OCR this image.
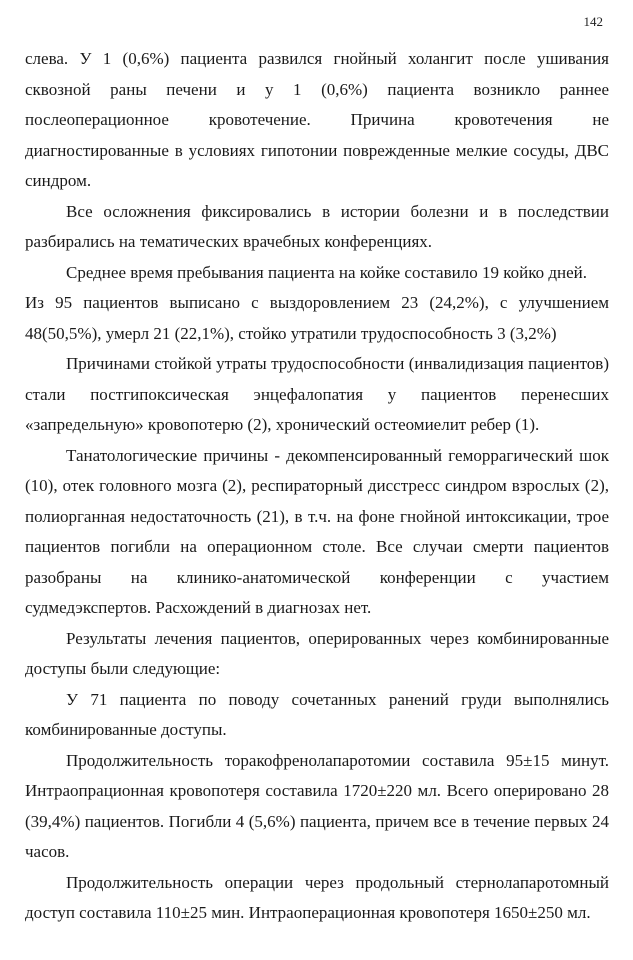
142

слева. У 1 (0,6%) пациента развился гнойный холангит после ушивания сквозной раны печени и у 1 (0,6%) пациента возникло раннее послеоперационное кровотечение. Причина кровотечения не диагностированные в условиях гипотонии поврежденные мелкие сосуды, ДВС синдром.

Все осложнения фиксировались в истории болезни и в последствии разбирались на тематических врачебных конференциях.

Среднее время пребывания пациента на койке составило 19 койко дней.

Из 95 пациентов выписано с выздоровлением 23 (24,2%), с улучшением 48(50,5%), умерл 21 (22,1%), стойко утратили трудоспособность 3 (3,2%)

Причинами стойкой утраты трудоспособности (инвалидизация пациентов) стали постгипоксическая энцефалопатия у пациентов перенесших «запредельную» кровопотерю (2), хронический остеомиелит ребер (1).

Танатологические причины - декомпенсированный геморрагический шок (10), отек головного мозга (2), респираторный дисстресс синдром взрослых (2), полиорганная недостаточность (21), в т.ч. на фоне гнойной интоксикации, трое пациентов погибли на операционном столе. Все случаи смерти пациентов разобраны на клинико-анатомической конференции с участием судмедэкспертов. Расхождений в диагнозах нет.

Результаты лечения пациентов, оперированных через комбинированные доступы были следующие:

У 71 пациента по поводу сочетанных ранений груди выполнялись комбинированные доступы.

Продолжительность торакофренолапаротомии составила 95±15 минут. Интраопрационная кровопотеря составила 1720±220 мл. Всего оперировано 28 (39,4%) пациентов. Погибли 4 (5,6%) пациента, причем все в течение первых 24 часов.

Продолжительность операции через продольный стернолапаротомный доступ составила 110±25 мин. Интраоперационная кровопотеря 1650±250 мл.
